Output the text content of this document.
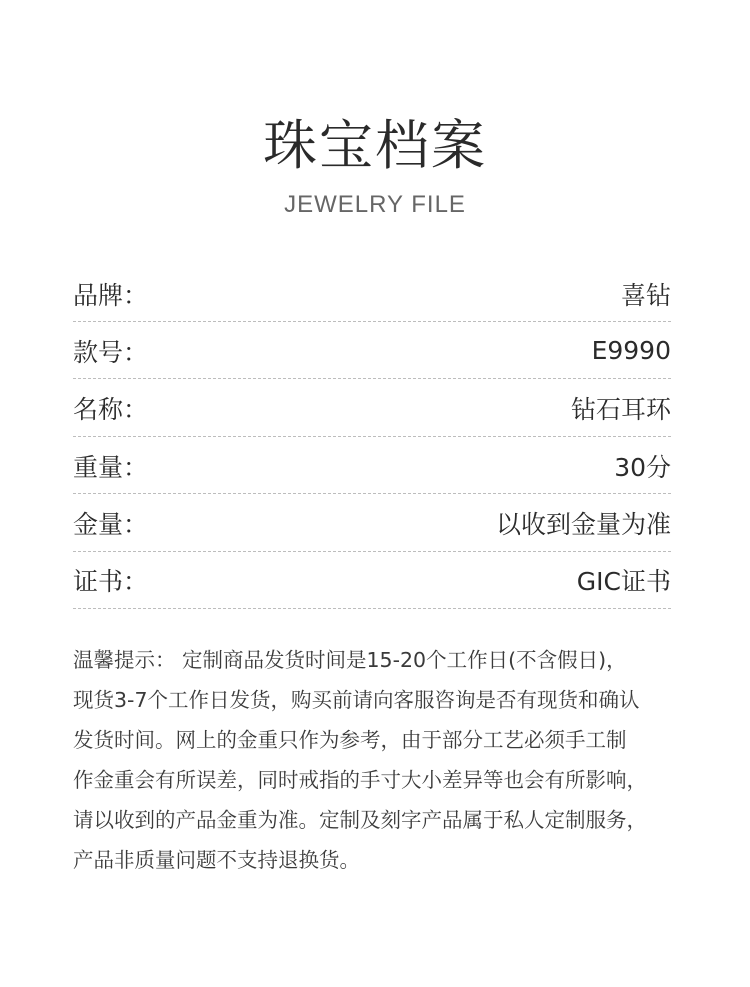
珠宝档案
JEWELRY FILE
品牌：	喜钻
款号：	E9990
名称：	钻石耳环
重量：	30分
金量：	以收到金量为准
证书：	GIC证书
温馨提示： 定制商品发货时间是15-20个工作日(不含假日)，
现货3-7个工作日发货，购买前请向客服咨询是否有现货和确认
发货时间。网上的金重只作为参考，由于部分工艺必须手工制
作金重会有所误差，同时戒指的手寸大小差异等也会有所影响，
请以收到的产品金重为准。定制及刻字产品属于私人定制服务，
产品非质量问题不支持退换货。
